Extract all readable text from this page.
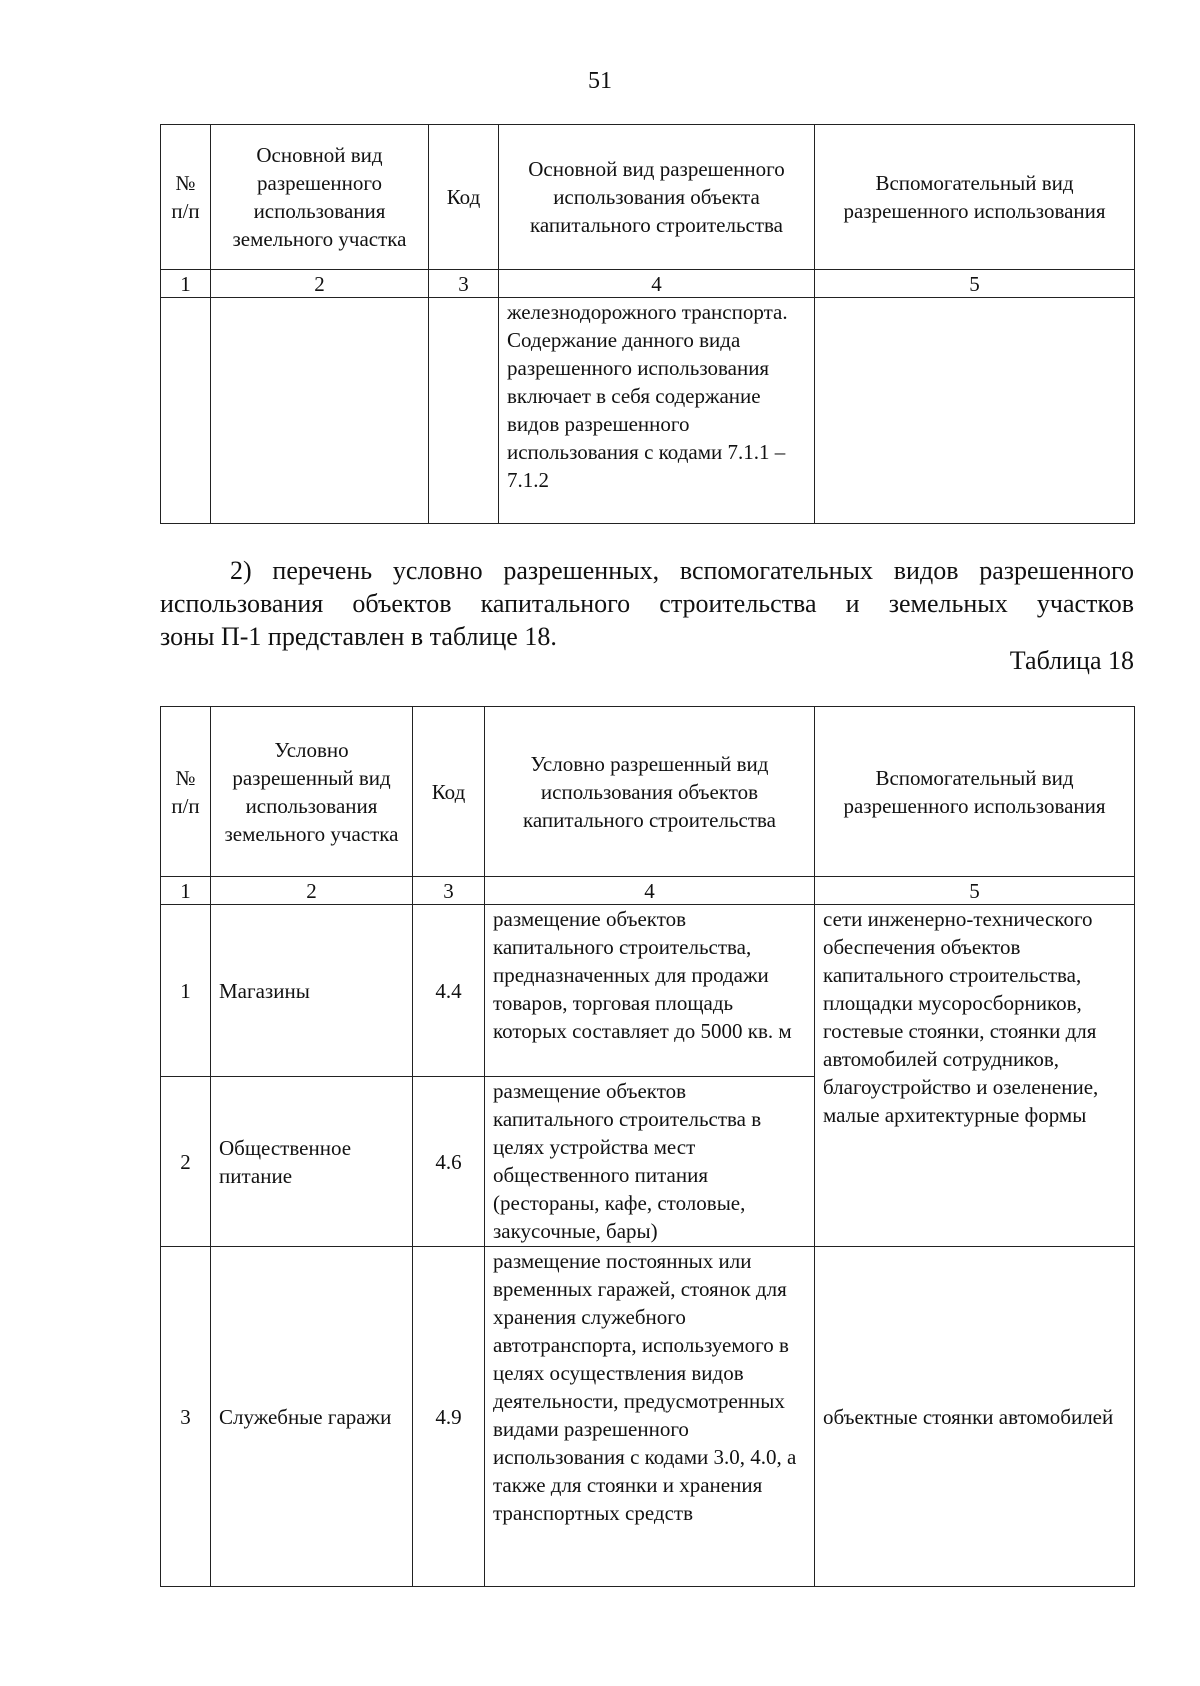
51
№ п/п	Основной вид разрешенного использования земельного участка	Код	Основной вид разрешенного использования объекта капитального строительства	Вспомогательный вид разрешенного использования
1	2	3	4	5
			железнодорожного транспорта. Содержание данного вида разрешенного использования включает в себя содержание видов разрешенного использования с кодами 7.1.1 – 7.1.2	
2) перечень условно разрешенных, вспомогательных видов разрешенного
использования объектов капитального строительства и земельных участков
зоны П-1 представлен в таблице 18.
Таблица 18
№ п/п	Условно разрешенный вид использования земельного участка	Код	Условно разрешенный вид использования объектов капитального строительства	Вспомогательный вид разрешенного использования
1	2	3	4	5
1	Магазины	4.4	размещение объектов капитального строительства, предназначенных для продажи товаров, торговая площадь которых составляет до 5000 кв. м	сети инженерно-технического обеспечения объектов капитального строительства, площадки мусоросборников, гостевые стоянки, стоянки для автомобилей сотрудников, благоустройство и озеленение, малые архитектурные формы
2	Общественное питание	4.6	размещение объектов капитального строительства в целях устройства мест общественного питания (рестораны, кафе, столовые, закусочные, бары)	
3	Служебные гаражи	4.9	размещение постоянных или временных гаражей, стоянок для хранения служебного автотранспорта, используемого в целях осуществления видов деятельности, предусмотренных видами разрешенного использования с кодами 3.0, 4.0, а также для стоянки и хранения транспортных средств	объектные стоянки автомобилей
